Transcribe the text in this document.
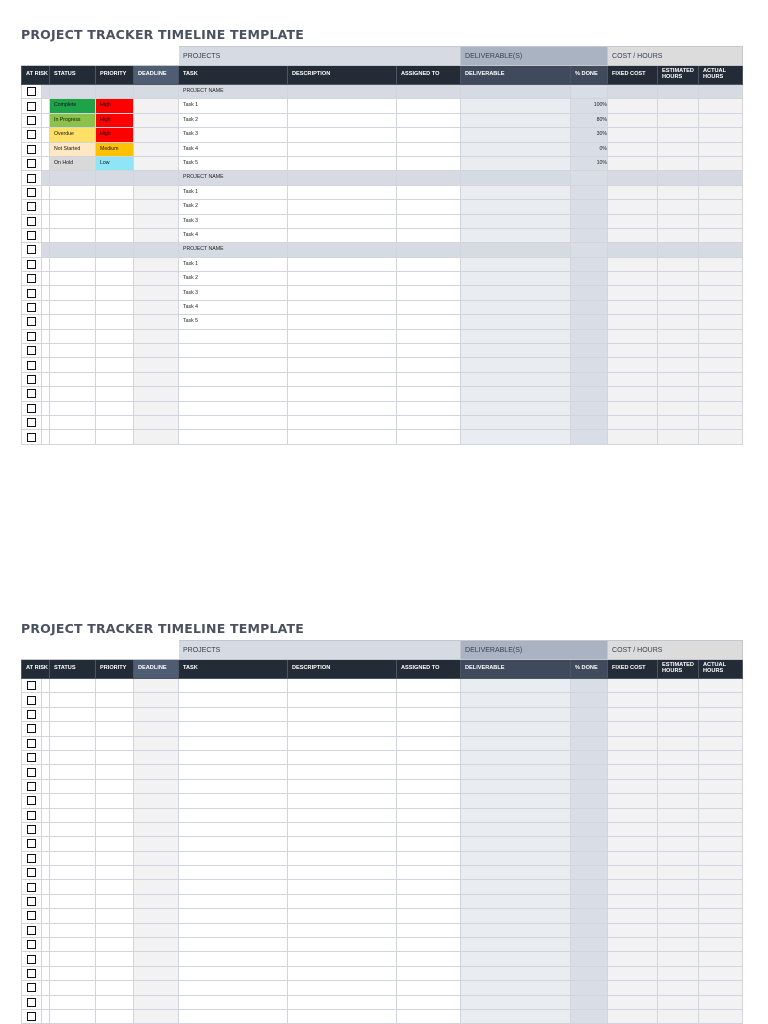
PROJECT TRACKER TIMELINE TEMPLATE
					PROJECTS			DELIVERABLE(S)		COST / HOURS		
AT RISK		STATUS	PRIORITY	DEADLINE	TASK	DESCRIPTION	ASSIGNED TO	DELIVERABLE	% DONE	FIXED COST	ESTIMATED HOURS	ACTUAL HOURS
					PROJECT NAME							
		Complete	High		Task 1				100%			
		In Progress	High		Task 2				80%			
		Overdue	High		Task 3				30%			
		Not Started	Medium		Task 4				0%			
		On Hold	Low		Task 5				10%			
					PROJECT NAME							
					Task 1							
					Task 2							
					Task 3							
					Task 4							
					PROJECT NAME							
					Task 1							
					Task 2							
					Task 3							
					Task 4							
					Task 5							

PROJECT TRACKER TIMELINE TEMPLATE
					PROJECTS			DELIVERABLE(S)		COST / HOURS		
AT RISK		STATUS	PRIORITY	DEADLINE	TASK	DESCRIPTION	ASSIGNED TO	DELIVERABLE	% DONE	FIXED COST	ESTIMATED HOURS	ACTUAL HOURS
